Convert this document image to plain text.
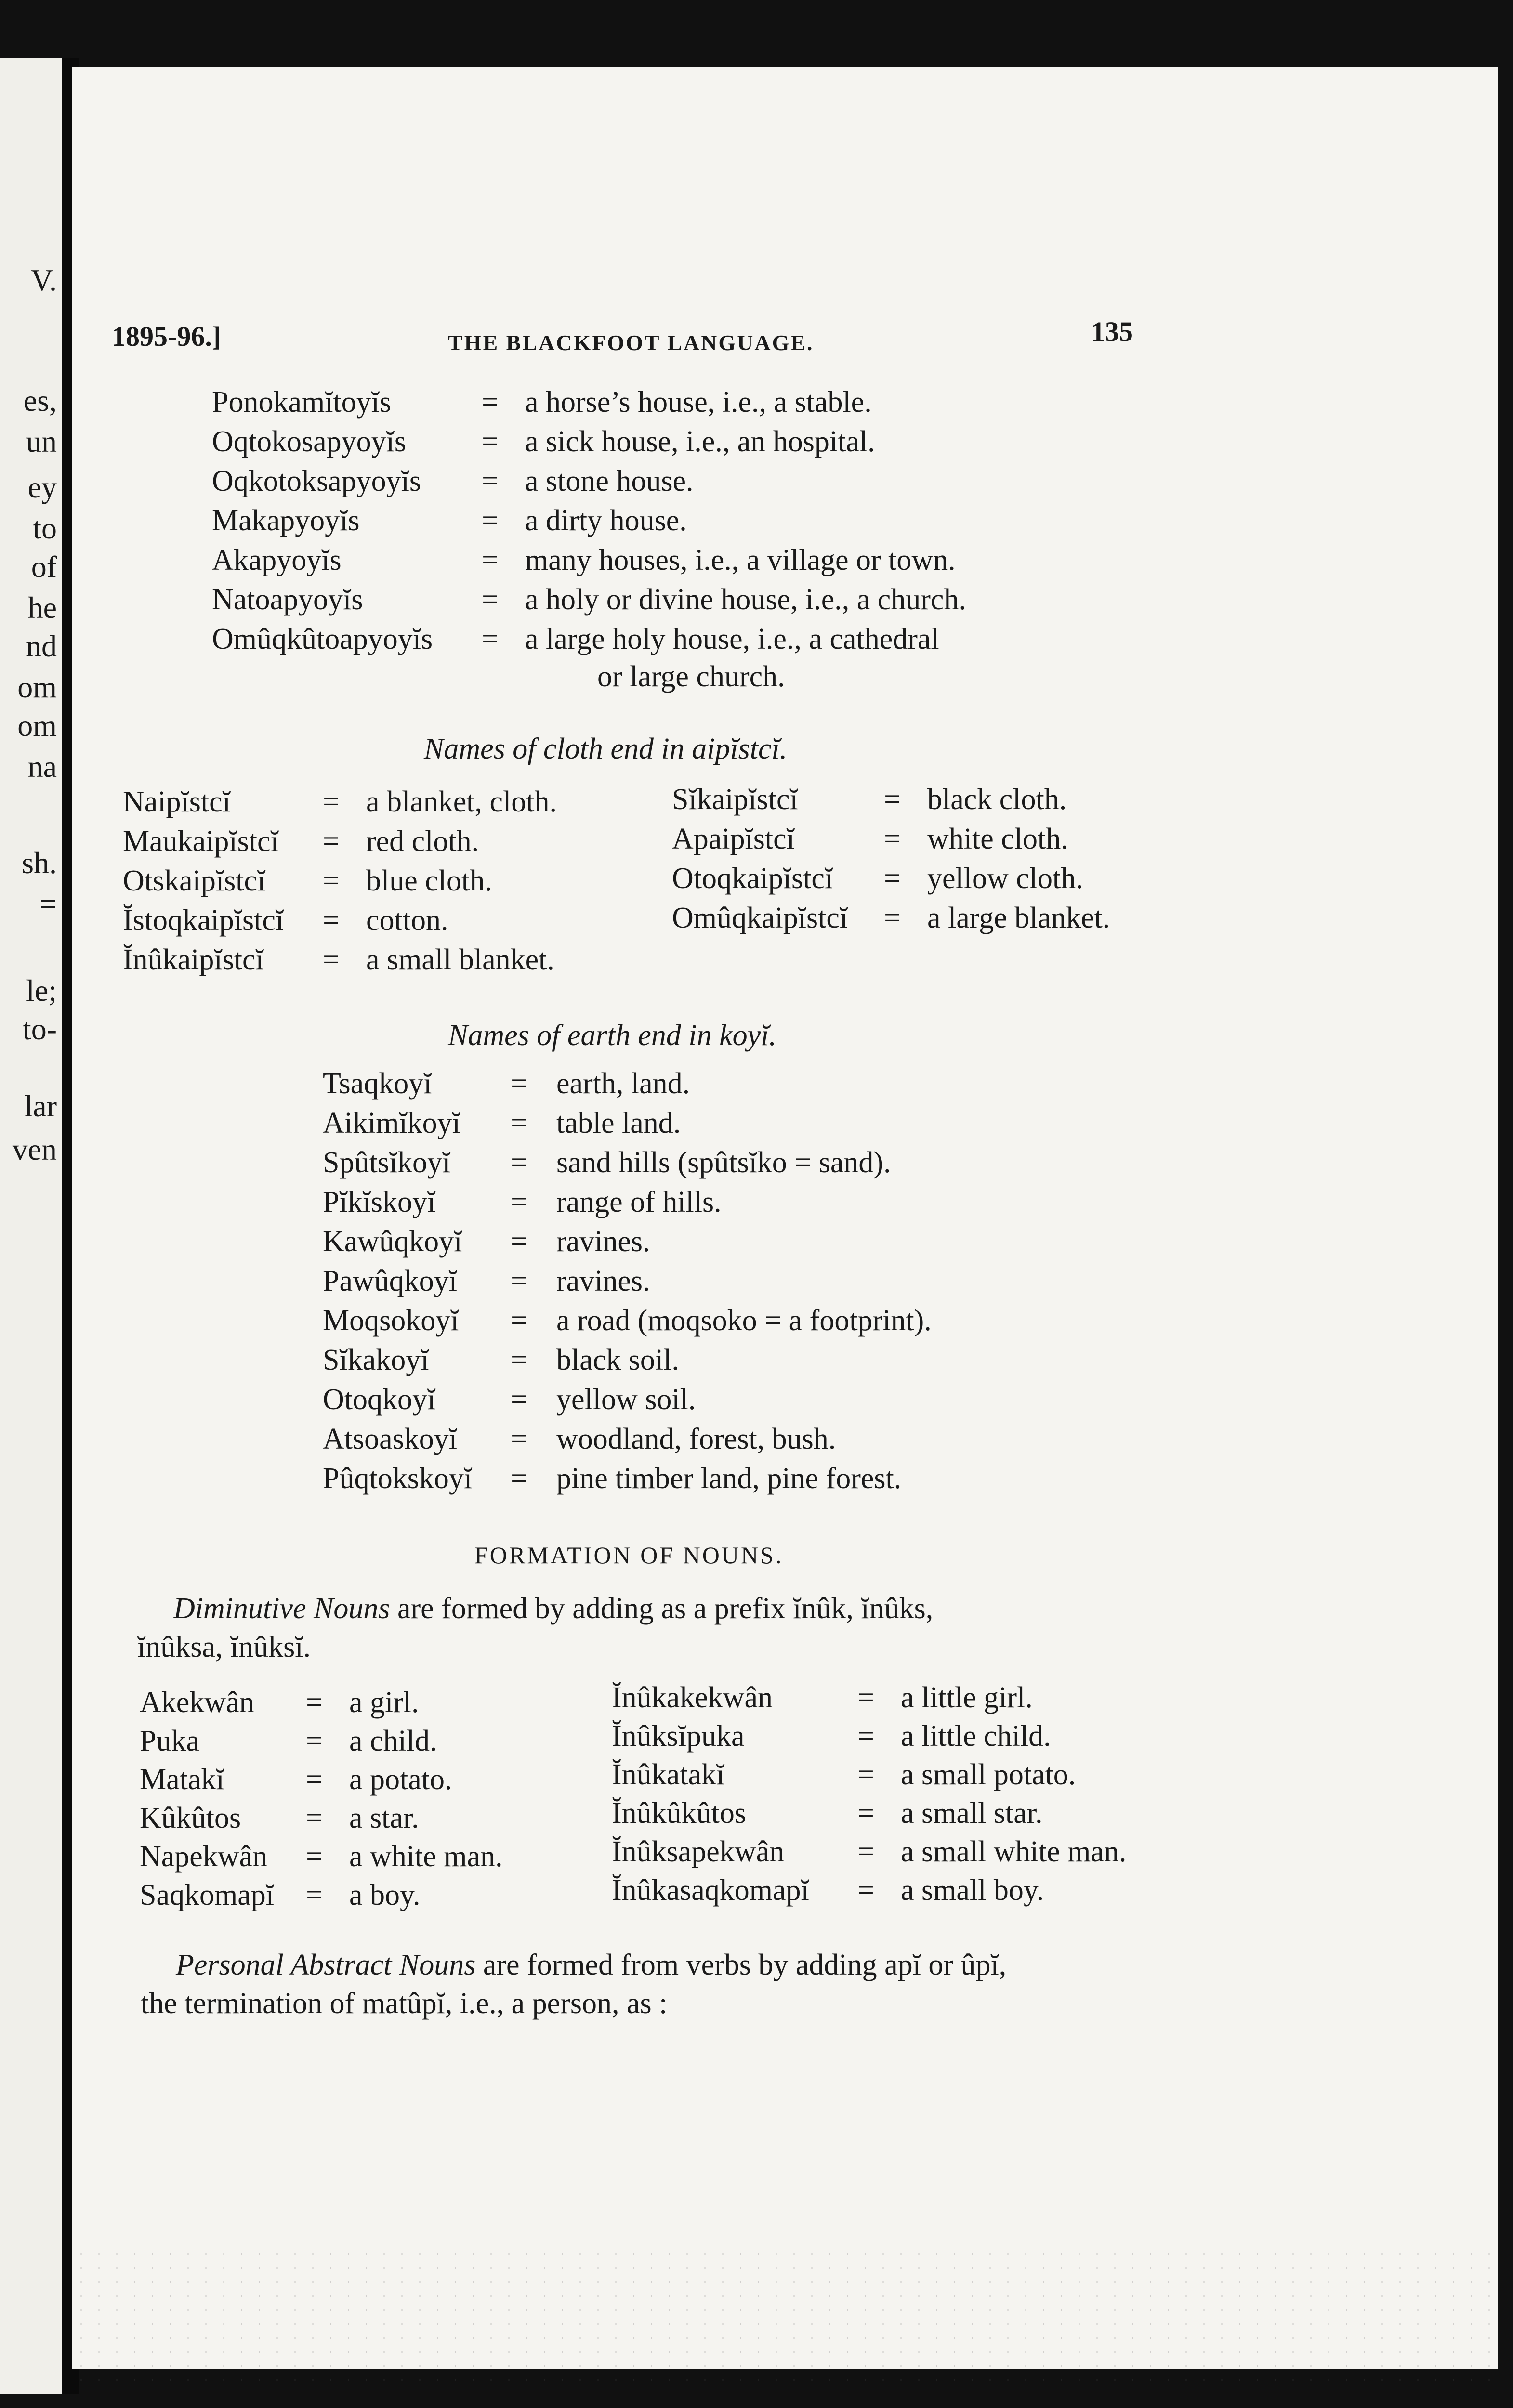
V.
es,
un
ey
to
of
he
nd
om
om
na
sh.
=
le;
to-
lar
ven
1895-96.]	THE BLACKFOOT LANGUAGE.	135
Ponokamĭtoyĭs	= a horse’s house, i.e., a stable.
Oqtokosapyoyĭs	= a sick house, i.e., an hospital.
Oqkotoksapyoyĭs = a stone house.
Makapyoyĭs	= a dirty house.
Akapyoyĭs	= many houses, i.e., a village or town.
Natoapyoyĭs	= a holy or divine house, i.e., a church.
Omûqkûtoapyoyĭs = a large holy house, i.e., a cathedral
or large church.
Names of cloth end in aipĭstcĭ.
Naipĭstcĭ	= a blanket, cloth.
Maukaipĭstcĭ = red cloth.
Otskaipĭstcĭ = blue cloth.
Ĭstoqkaipĭstcĭ = cotton.
Ĭnûkaipĭstcĭ = a small blanket.
Sĭkaipĭstcĭ	= black cloth.
Apaipĭstcĭ	= white cloth.
Otoqkaipĭstcĭ = yellow cloth.
Omûqkaipĭstcĭ = a large blanket.
Names of earth end in koyĭ.
Tsaqkoyĭ	= earth, land.
Aikimĭkoyĭ = table land.
Spûtsĭkoyĭ = sand hills (spûtsĭko = sand).
Pĭkĭskoyĭ	= range of hills.
Kawûqkoyĭ = ravines.
Pawûqkoyĭ = ravines.
Moqsokoyĭ = a road (moqsoko = a footprint).
Sĭkakoyĭ	= black soil.
Otoqkoyĭ	= yellow soil.
Atsoaskoyĭ = woodland, forest, bush.
Pûqtokskoyĭ = pine timber land, pine forest.
FORMATION OF NOUNS.
Diminutive Nouns are formed by adding as a prefix ĭnûk, ĭnûks,
ĭnûksa, ĭnûksĭ.
Akekwân = a girl.
Puka	= a child.
Matakĭ	= a potato.
Kûkûtos = a star.
Napekwân = a white man.
Saqkomapĭ = a boy.
Ĭnûkakekwân	= a little girl.
Ĭnûksĭpuka	= a little child.
Ĭnûkatakĭ	= a small potato.
Ĭnûkûkûtos	= a small star.
Ĭnûksapekwân = a small white man.
Ĭnûkasaqkomapĭ = a small boy.
Personal Abstract Nouns are formed from verbs by adding apĭ or ûpĭ,
the termination of matûpĭ, i.e., a person, as :
